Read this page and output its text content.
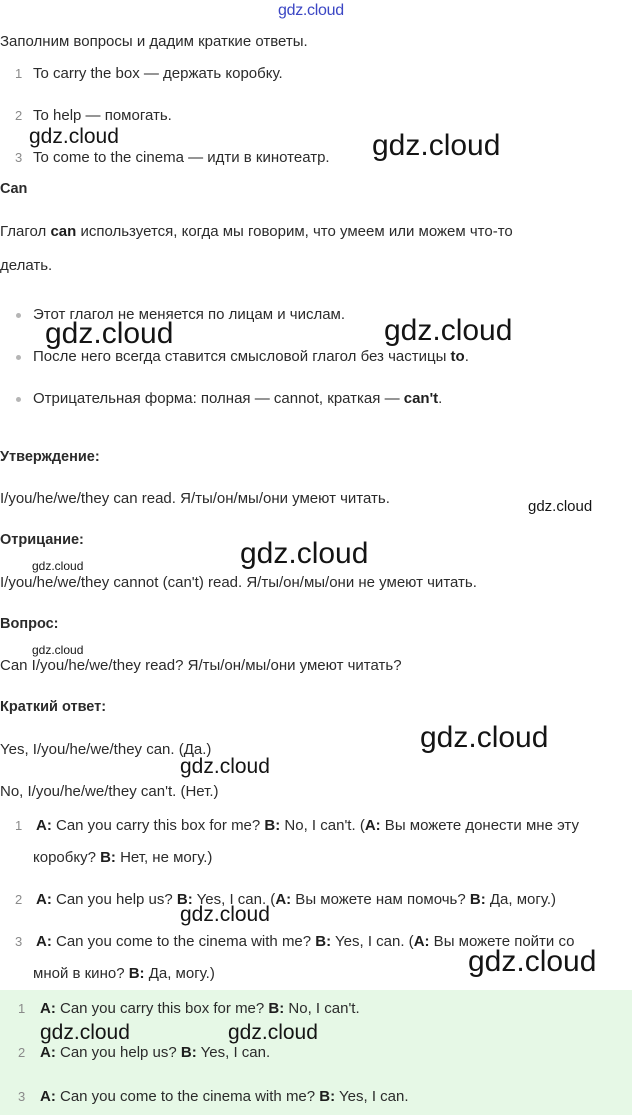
gdz.cloud
Заполним вопросы и дадим краткие ответы.
1 To carry the box — держать коробку.
2 To help — помогать.
3 To come to the cinema — идти в кинотеатр.
Can
Глагол can используется, когда мы говорим, что умеем или можем что-то
делать.
Этот глагол не меняется по лицам и числам.
После него всегда ставится смысловой глагол без частицы to.
Отрицательная форма: полная — cannot, краткая — can't.
Утверждение:
I/you/he/we/they can read. Я/ты/он/мы/они умеют читать.
Отрицание:
I/you/he/we/they cannot (can't) read. Я/ты/он/мы/они не умеют читать.
Вопрос:
Can I/you/he/we/they read? Я/ты/он/мы/они умеют читать?
Краткий ответ:
Yes, I/you/he/we/they can. (Да.)
No, I/you/he/we/they can't. (Нет.)
1 A: Can you carry this box for me? B: No, I can't. (A: Вы можете донести мне эту
коробку? B: Нет, не могу.)
2 A: Can you help us? B: Yes, I can. (A: Вы можете нам помочь? B: Да, могу.)
3 A: Can you come to the cinema with me? B: Yes, I can. (A: Вы можете пойти со
мной в кино? B: Да, могу.)
1 A: Can you carry this box for me? B: No, I can't.
2 A: Can you help us? B: Yes, I can.
3 A: Can you come to the cinema with me? B: Yes, I can.
gdz.cloud	gdz.cloud
gdz.cloud	gdz.cloud
gdz.cloud
gdz.cloud
gdz.cloud
gdz.cloud
gdz.cloud
gdz.cloud
gdz.cloud
gdz.cloud
gdz.cloud	gdz.cloud
